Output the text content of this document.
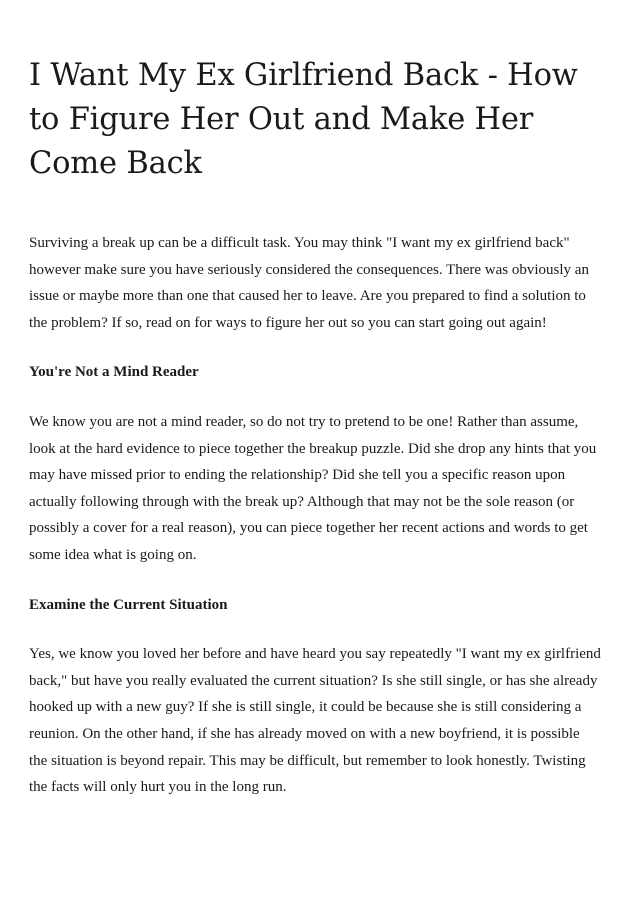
I Want My Ex Girlfriend Back - How to Figure Her Out and Make Her Come Back

Surviving a break up can be a difficult task. You may think "I want my ex girlfriend back" however make sure you have seriously considered the consequences. There was obviously an issue or maybe more than one that caused her to leave. Are you prepared to find a solution to the problem? If so, read on for ways to figure her out so you can start going out again!

You're Not a Mind Reader

We know you are not a mind reader, so do not try to pretend to be one! Rather than assume, look at the hard evidence to piece together the breakup puzzle. Did she drop any hints that you may have missed prior to ending the relationship? Did she tell you a specific reason upon actually following through with the break up? Although that may not be the sole reason (or possibly a cover for a real reason), you can piece together her recent actions and words to get some idea what is going on.

Examine the Current Situation

Yes, we know you loved her before and have heard you say repeatedly "I want my ex girlfriend back," but have you really evaluated the current situation? Is she still single, or has she already hooked up with a new guy? If she is still single, it could be because she is still considering a reunion. On the other hand, if she has already moved on with a new boyfriend, it is possible the situation is beyond repair. This may be difficult, but remember to look honestly. Twisting the facts will only hurt you in the long run.
